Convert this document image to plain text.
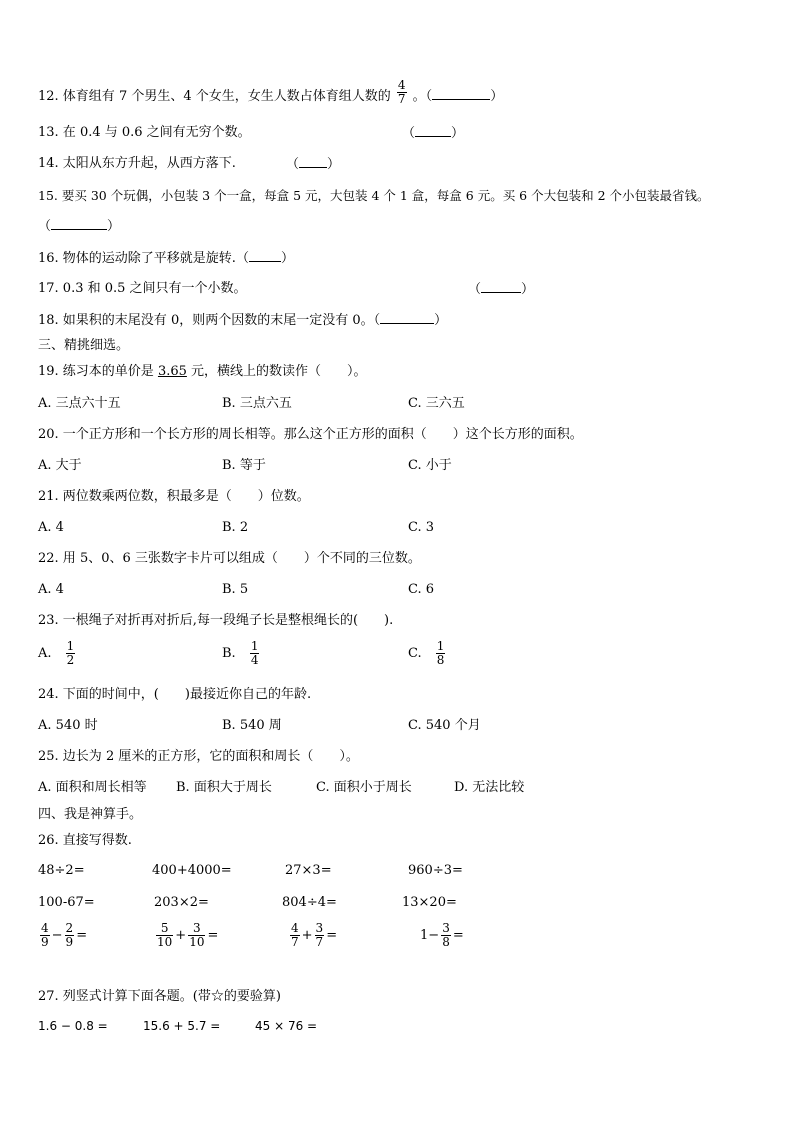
12. 体育组有 7 个男生、4 个女生，女生人数占体育组人数的 $\frac{4}{7}$ 。（	）
13. 在 0.4 与 0.6 之间有无穷个数。	（	）
14. 太阳从东方升起，从西方落下.	（ ）
15. 要买 30 个玩偶，小包装 3 个一盒，每盒 5 元，大包装 4 个 1 盒，每盒 6 元。买 6 个大包装和 2 个小包装最省钱。
（	）
16. 物体的运动除了平移就是旋转.（ ）
17. 0.3 和 0.5 之间只有一个小数。	（	）
18. 如果积的末尾没有 0，则两个因数的末尾一定没有 0。（	）
三、精挑细选。
19. 练习本的单价是 3.65 元，横线上的数读作（　　）。
A. 三点六十五	B. 三点六五	C. 三六五
20. 一个正方形和一个长方形的周长相等。那么这个正方形的面积（　　）这个长方形的面积。
A. 大于	B. 等于	C. 小于
21. 两位数乘两位数，积最多是（　　）位数。
A. 4	B. 2	C. 3
22. 用 5、0、6 三张数字卡片可以组成（　　）个不同的三位数。
A. 4	B. 5	C. 6
23. 一根绳子对折再对折后,每一段绳子长是整根绳长的(　　).
A. $\frac{1}{2}$	B. $\frac{1}{4}$	C. $\frac{1}{8}$
24. 下面的时间中，(　　)最接近你自己的年龄.
A. 540 时	B. 540 周	C. 540 个月
25. 边长为 2 厘米的正方形，它的面积和周长（　　）。
A. 面积和周长相等 B. 面积大于周长	C. 面积小于周长	D. 无法比较
四、我是神算手。
26. 直接写得数.
48÷2=	400+4000=	27×3=	960÷3=
100-67=	203×2=	804÷4=	13×20=
$\frac{4}{9} - \frac{2}{9}$ =	$\frac{5}{10} + \frac{3}{10}$ =	$\frac{4}{7} + \frac{3}{7}$ =	$1- \frac{3}{8}$ =
27. 列竖式计算下面各题。(带☆的要验算)
1.6 − 0.8 =	15.6 + 5.7 =	45 × 76 =
